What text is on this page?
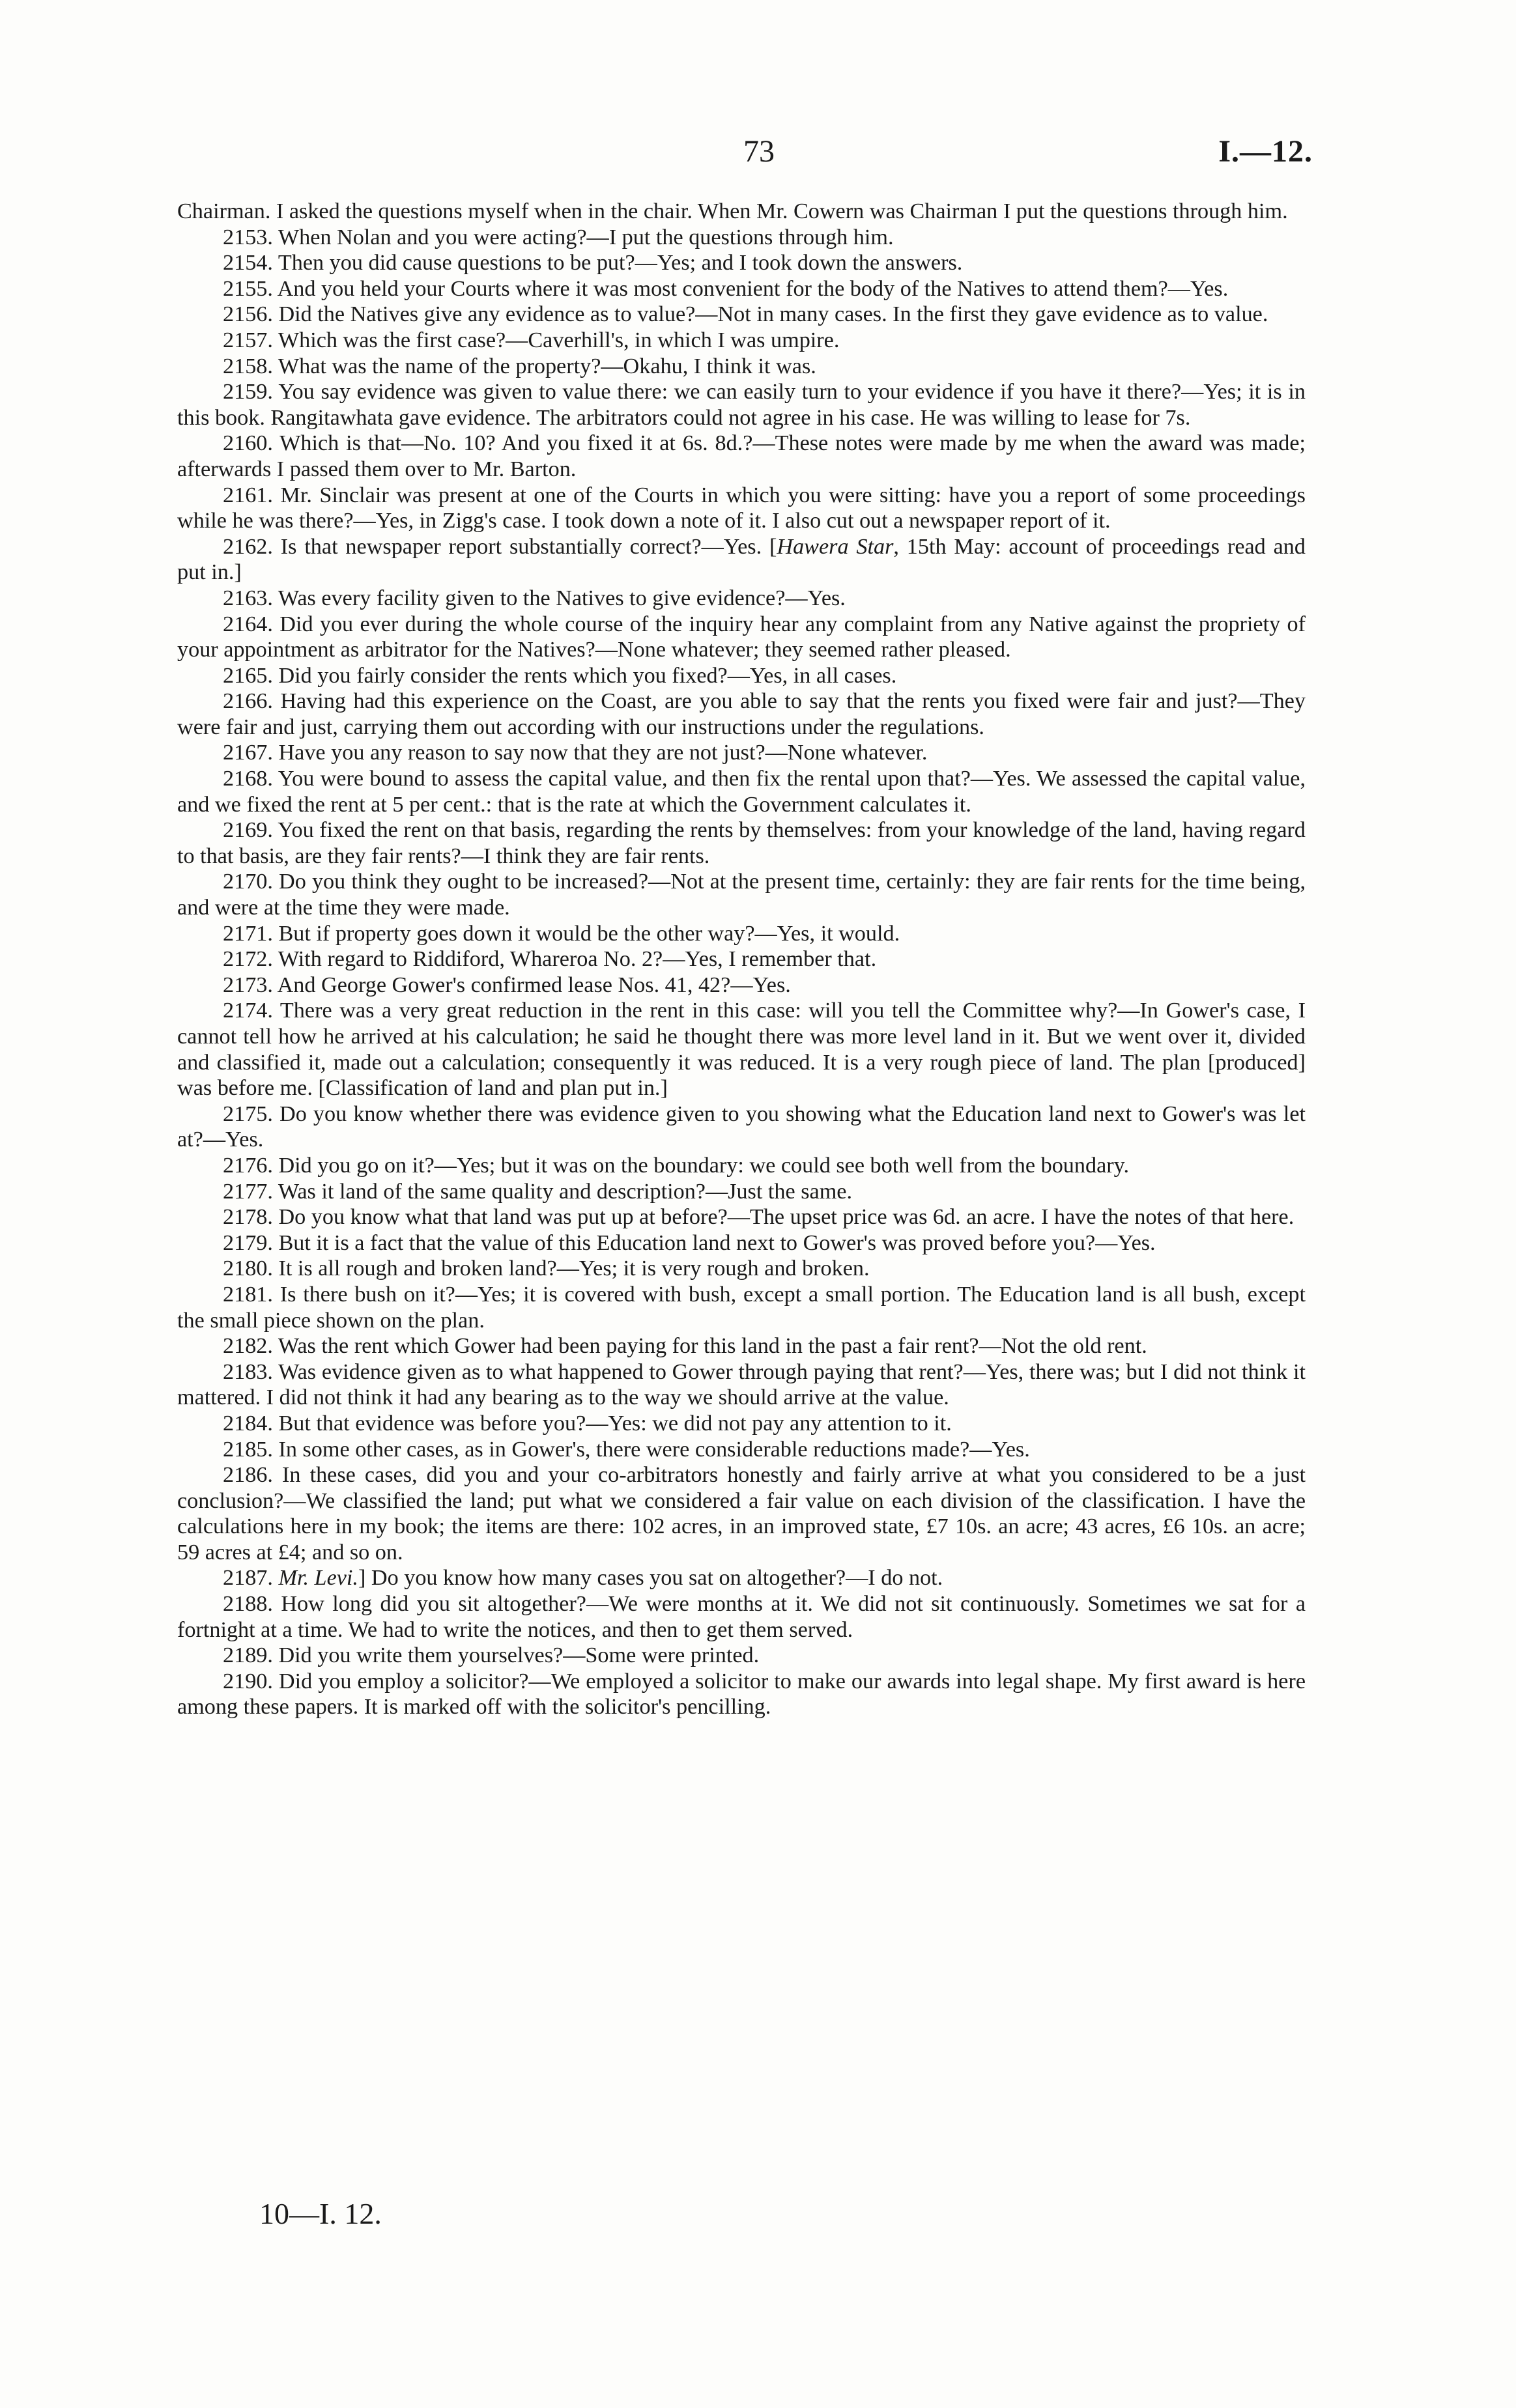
73	I.—12.

Chairman. I asked the questions myself when in the chair. When Mr. Cowern was Chairman I put the questions through him.

2153. When Nolan and you were acting?—I put the questions through him.

2154. Then you did cause questions to be put?—Yes; and I took down the answers.

2155. And you held your Courts where it was most convenient for the body of the Natives to attend them?—Yes.

2156. Did the Natives give any evidence as to value?—Not in many cases. In the first they gave evidence as to value.

2157. Which was the first case?—Caverhill's, in which I was umpire.

2158. What was the name of the property?—Okahu, I think it was.

2159. You say evidence was given to value there: we can easily turn to your evidence if you have it there?—Yes; it is in this book. Rangitawhata gave evidence. The arbitrators could not agree in his case. He was willing to lease for 7s.

2160. Which is that—No. 10? And you fixed it at 6s. 8d.?—These notes were made by me when the award was made; afterwards I passed them over to Mr. Barton.

2161. Mr. Sinclair was present at one of the Courts in which you were sitting: have you a report of some proceedings while he was there?—Yes, in Zigg's case. I took down a note of it. I also cut out a newspaper report of it.

2162. Is that newspaper report substantially correct?—Yes. [Hawera Star, 15th May: account of proceedings read and put in.]

2163. Was every facility given to the Natives to give evidence?—Yes.

2164. Did you ever during the whole course of the inquiry hear any complaint from any Native against the propriety of your appointment as arbitrator for the Natives?—None whatever; they seemed rather pleased.

2165. Did you fairly consider the rents which you fixed?—Yes, in all cases.

2166. Having had this experience on the Coast, are you able to say that the rents you fixed were fair and just?—They were fair and just, carrying them out according with our instructions under the regulations.

2167. Have you any reason to say now that they are not just?—None whatever.

2168. You were bound to assess the capital value, and then fix the rental upon that?—Yes. We assessed the capital value, and we fixed the rent at 5 per cent.: that is the rate at which the Government calculates it.

2169. You fixed the rent on that basis, regarding the rents by themselves: from your knowledge of the land, having regard to that basis, are they fair rents?—I think they are fair rents.

2170. Do you think they ought to be increased?—Not at the present time, certainly: they are fair rents for the time being, and were at the time they were made.

2171. But if property goes down it would be the other way?—Yes, it would.

2172. With regard to Riddiford, Whareroa No. 2?—Yes, I remember that.

2173. And George Gower's confirmed lease Nos. 41, 42?—Yes.

2174. There was a very great reduction in the rent in this case: will you tell the Committee why?—In Gower's case, I cannot tell how he arrived at his calculation; he said he thought there was more level land in it. But we went over it, divided and classified it, made out a calculation; consequently it was reduced. It is a very rough piece of land. The plan [produced] was before me. [Classification of land and plan put in.]

2175. Do you know whether there was evidence given to you showing what the Education land next to Gower's was let at?—Yes.

2176. Did you go on it?—Yes; but it was on the boundary: we could see both well from the boundary.

2177. Was it land of the same quality and description?—Just the same.

2178. Do you know what that land was put up at before?—The upset price was 6d. an acre. I have the notes of that here.

2179. But it is a fact that the value of this Education land next to Gower's was proved before you?—Yes.

2180. It is all rough and broken land?—Yes; it is very rough and broken.

2181. Is there bush on it?—Yes; it is covered with bush, except a small portion. The Education land is all bush, except the small piece shown on the plan.

2182. Was the rent which Gower had been paying for this land in the past a fair rent?—Not the old rent.

2183. Was evidence given as to what happened to Gower through paying that rent?—Yes, there was; but I did not think it mattered. I did not think it had any bearing as to the way we should arrive at the value.

2184. But that evidence was before you?—Yes: we did not pay any attention to it.

2185. In some other cases, as in Gower's, there were considerable reductions made?—Yes.

2186. In these cases, did you and your co-arbitrators honestly and fairly arrive at what you considered to be a just conclusion?—We classified the land; put what we considered a fair value on each division of the classification. I have the calculations here in my book; the items are there: 102 acres, in an improved state, £7 10s. an acre; 43 acres, £6 10s. an acre; 59 acres at £4; and so on.

2187. Mr. Levi.] Do you know how many cases you sat on altogether?—I do not.

2188. How long did you sit altogether?—We were months at it. We did not sit continuously. Sometimes we sat for a fortnight at a time. We had to write the notices, and then to get them served.

2189. Did you write them yourselves?—Some were printed.

2190. Did you employ a solicitor?—We employed a solicitor to make our awards into legal shape. My first award is here among these papers. It is marked off with the solicitor's pencilling.

10—I. 12.
